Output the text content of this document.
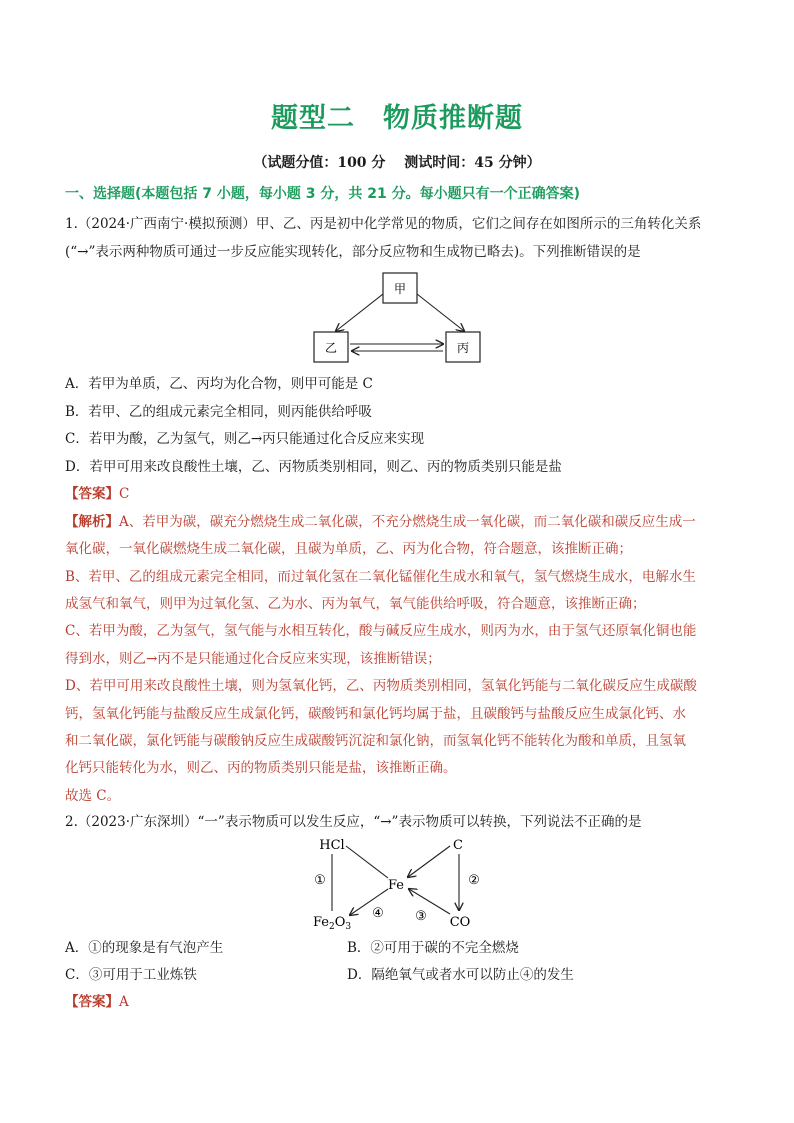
题型二　物质推断题
（试题分值：100 分　 测试时间：45 分钟）
一、选择题(本题包括 7 小题，每小题 3 分，共 21 分。每小题只有一个正确答案)
1.（2024·广西南宁·模拟预测）甲、乙、丙是初中化学常见的物质，它们之间存在如图所示的三角转化关系
(“→”表示两种物质可通过一步反应能实现转化，部分反应物和生成物已略去)。下列推断错误的是
甲
乙	丙
A．若甲为单质，乙、丙均为化合物，则甲可能是 C
B．若甲、乙的组成元素完全相同，则丙能供给呼吸
C．若甲为酸，乙为氢气，则乙→丙只能通过化合反应来实现
D．若甲可用来改良酸性土壤，乙、丙物质类别相同，则乙、丙的物质类别只能是盐
【答案】C
【解析】A、若甲为碳，碳充分燃烧生成二氧化碳，不充分燃烧生成一氧化碳，而二氧化碳和碳反应生成一
氧化碳，一氧化碳燃烧生成二氧化碳，且碳为单质，乙、丙为化合物，符合题意，该推断正确；
B、若甲、乙的组成元素完全相同，而过氧化氢在二氧化锰催化生成水和氧气，氢气燃烧生成水，电解水生
成氢气和氧气，则甲为过氧化氢、乙为水、丙为氧气，氧气能供给呼吸，符合题意，该推断正确；
C、若甲为酸，乙为氢气，氢气能与水相互转化，酸与碱反应生成水，则丙为水，由于氢气还原氧化铜也能
得到水，则乙→丙不是只能通过化合反应来实现，该推断错误；
D、若甲可用来改良酸性土壤，则为氢氧化钙，乙、丙物质类别相同，氢氧化钙能与二氧化碳反应生成碳酸
钙，氢氧化钙能与盐酸反应生成氯化钙，碳酸钙和氯化钙均属于盐，且碳酸钙与盐酸反应生成氯化钙、水
和二氧化碳，氯化钙能与碳酸钠反应生成碳酸钙沉淀和氯化钠，而氢氧化钙不能转化为酸和单质，且氢氧
化钙只能转化为水，则乙、丙的物质类别只能是盐，该推断正确。
故选 C。
2.（2023·广东深圳）“一”表示物质可以发生反应，“→”表示物质可以转换，下列说法不正确的是
HCl	C
Fe
$Fe_2O_3$	CO
①	②
③
④
A．①的现象是有气泡产生	B．②可用于碳的不完全燃烧
C．③可用于工业炼铁	D．隔绝氧气或者水可以防止④的发生
【答案】A
